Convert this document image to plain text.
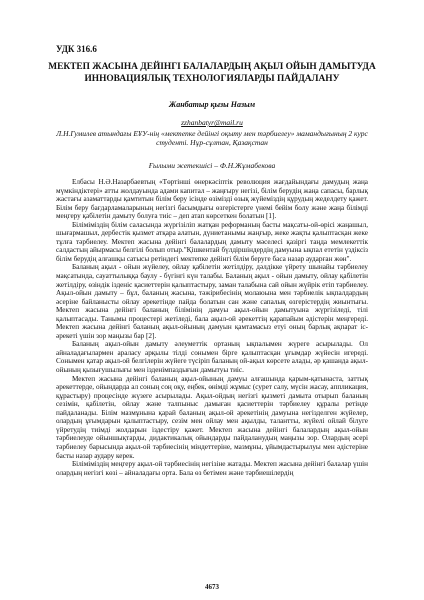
УДК 316.6
МЕКТЕП ЖАСЫНА ДЕЙІНГІ БАЛАЛАРДЫҢ АҚЫЛ ОЙЫН ДАМЫТУДА ИННОВАЦИЯЛЫҚ ТЕХНОЛОГИЯЛАРДЫ ПАЙДАЛАНУ
Жанбатыр қызы Назым
zzhanbatyr@mail.ru
Л.Н.Гумилев атындағы ЕҰУ-нің «мектепке дейінгі оқыту мен тәрбиелеу» мамандығының 2 курс студенті. Нұр-сұлтан, Қазақстан
Ғылыми жетекшісі – Ф.Н.Жұмабекова

Елбасы Н.Ә.Назарбаевтың «Төртінші өнеркәсіптік революция жағдайындағы дамудың жаңа мүмкіндіктері» атты жолдауында адами капитал – жаңғыру негізі, білім берудің жаңа сапасы, барлық жастағы азаматтарды қамтитын білім беру ісінде өзімізді өзық жүйеміздің құрудың жеделдету қажет. Білім беру бағдарламаларының негізгі басымдығы өзгерістерге үнемі бейім болу және жаңа білімді меңгеру қабілетін дамыту болуға тиіс – деп атап көрсеткен болатын [1].

Біліміміздің білім саласында жүргізіліп жатқан реформаның басты мақсаты-ой-өрісі жаңашыл, шығармашыл, дербестік қызмет атқара алатын, дүниетанымы жаңғыр, жеке жақты қалыптасқан жеке тұлға тәрбиелеу. Мектеп жасына дейінгі балалардың дамыту мәселесі қазіргі таңда мемлекеттік салдастың айырмасы белгілі болып отыр."Қішкентай бүлдіршіндердің дамуына ықпал ететін үздіксіз білім берудің алғашқы сатысы ретіндегі мектепке дейінгі білім беруге баса назар аударған жөн".

Баланың ақыл - ойын жүйелеу, ойлау қабілетін жетілдіру, дәлдікке үйрету шынайы тәрбиелеу мақсатында, сауаттылыққа баулу - бүгінгі күн талабы. Баланың ақыл - ойын дамыту, ойлау қабілетін жетілдіру, өзіндік ізденіс қасиеттерін қалыптастыру, заман талабына сай ойын жүйрік етіп тәрбиелеу. Ақыл-ойын дамыту – бұл, баланың жасына, тәжірибесінің молаюына мен тәрбиелік ықпалдардың әсеріне байланысты ойлау әрекетінде пайда болатын сан және сапалық өзгерістердің жиынтығы. Мектеп жасына дейінгі баланың білімінің дамуы ақыл-ойын дамытуына жүргізіледі, тілі қалыптасады. Танымы процестері жетіледі, бала ақыл-ой әрекеттің қарапайым әдістерін меңгереді. Мектеп жасына дейінгі баланың ақыл-ойының дамуын қамтамасыз етуі оның барлық ақпарат іс-әрекеті үшін зор маңызы бар [2].

Баланың ақыл-ойын дамыту әлеуметтік ортаның ықпалымен жүреге асырылады. Ол айналадағылармен араласу арқылы тілді сонымен бірге қалыптасқан ұғымдар жүйесін игереді. Сонымен қатар ақыл-ой белгілерін жүйеге түсіріп баланың ой-ақыл көрсете алады, әр қашанда ақыл-ойының қызығушылығы мен ізденімпаздығын дамытуы тиіс.

Мектеп жасына дейінгі баланың ақыл-ойының дамуы алғашында қарым-қатынаста, заттық әрекеттерде, ойындарда ал соның соң оқу, еңбек, өнімді жұмыс (сурет салу, мүсін жасау, аппликация, құрастыру) процесінде жүзеге асырылады. Ақыл-ойдың негізгі қызметі дамыта отырып баланың сезімін, қабілетін, ойлау және талпыныс дамыған қасиеттерін тәрбиелеу құралы ретінде пайдаланады. Білім мазмұнына қарай баланың ақыл-ой әрекетінің дамуына негізделген жүйелер, олардың ұғымдарын қалыптастыру, сезім мен ойлау мен ақылды, талантты, жүйелі ойлай білуге үйретудің тиімді жолдарын іздестіру қажет. Мектеп жасына дейінгі балалардың ақыл-ойын тәрбиелеуде ойыншықтарды, дидактикалық ойындарды пайдаланудың маңызы зор. Олардың әсері тәрбиелеу барысында ақыл-ой тәрбиесінің міндеттеріне, мазмұны, ұйымдастырылуы мен әдістеріне басты назар аудару керек.

Біліміміздің меңгеру ақыл-ой тәрбиесінің негізіне жатады. Мектеп жасына дейінгі балалар үшін олардың негізгі көзі – айналадағы орта. Бала өз бетімен және тәрбиешілердің

4673
